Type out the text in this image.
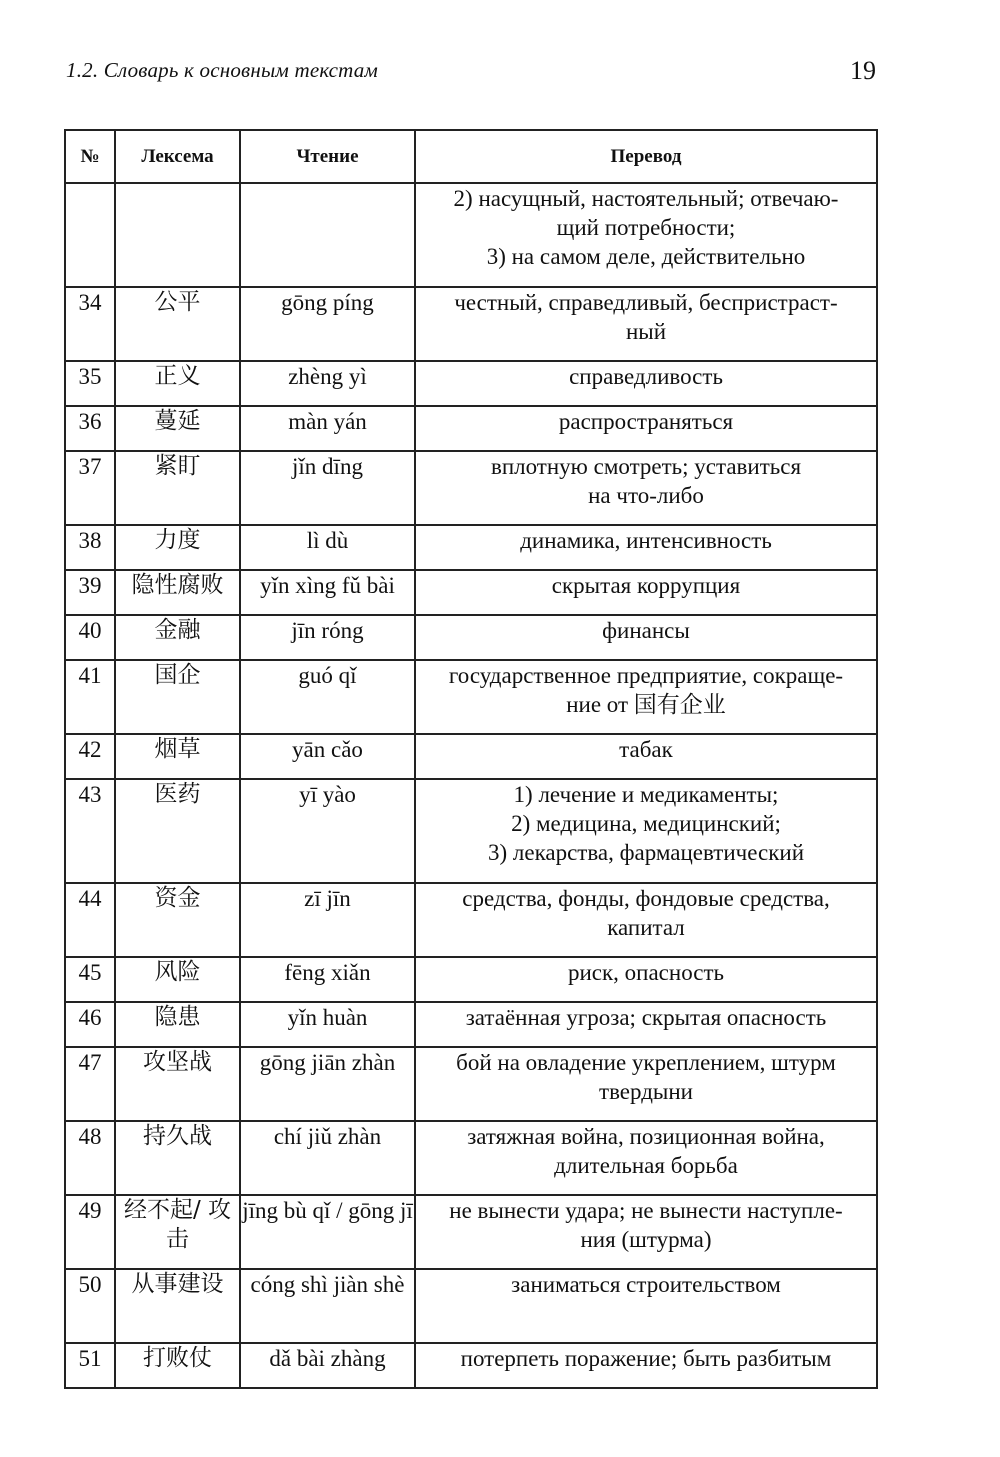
1.2. Словарь к основным текстам	19
№	Лексема	Чтение	Перевод

			2) насущный, настоятельный; отвечаю-
щий потребности;
3) на самом деле, действительно

34	公平	gōng píng	честный, справедливый, беспристраст-
ный

35	正义	zhèng yì	справедливость

36	蔓延	màn yán	распространяться

37	紧盯	jǐn dīng	вплотную смотреть; уставиться
на что-либо

38	力度	lì dù	динамика, интенсивность

39	隐性腐败	yǐn xìng fǔ bài	скрытая коррупция

40	金融	jīn róng	финансы

41	国企	guó qǐ	государственное предприятие, сокраще-
ние от 国有企业

42	烟草	yān cǎo	табак

43	医药	yī yào	1) лечение и медикаменты;
2) медицина, медицинский;
3) лекарства, фармацевтический

44	资金	zī jīn	средства, фонды, фондовые средства,
капитал

45	风险	fēng xiǎn	риск, опасность

46	隐患	yǐn huàn	затаённая угроза; скрытая опасность

47	攻坚战	gōng jiān zhàn	бой на овладение укреплением, штурм
твердыни

48	持久战	chí jiǔ zhàn	затяжная война, позиционная война,
длительная борьба

49	经不起/ 攻击	jīng bù qǐ / gōng jī	не вынести удара; не вынести наступле-
ния (штурма)

50	从事建设	cóng shì jiàn shè	заниматься строительством

51	打败仗	dǎ bài zhàng	потерпеть поражение; быть разбитым
